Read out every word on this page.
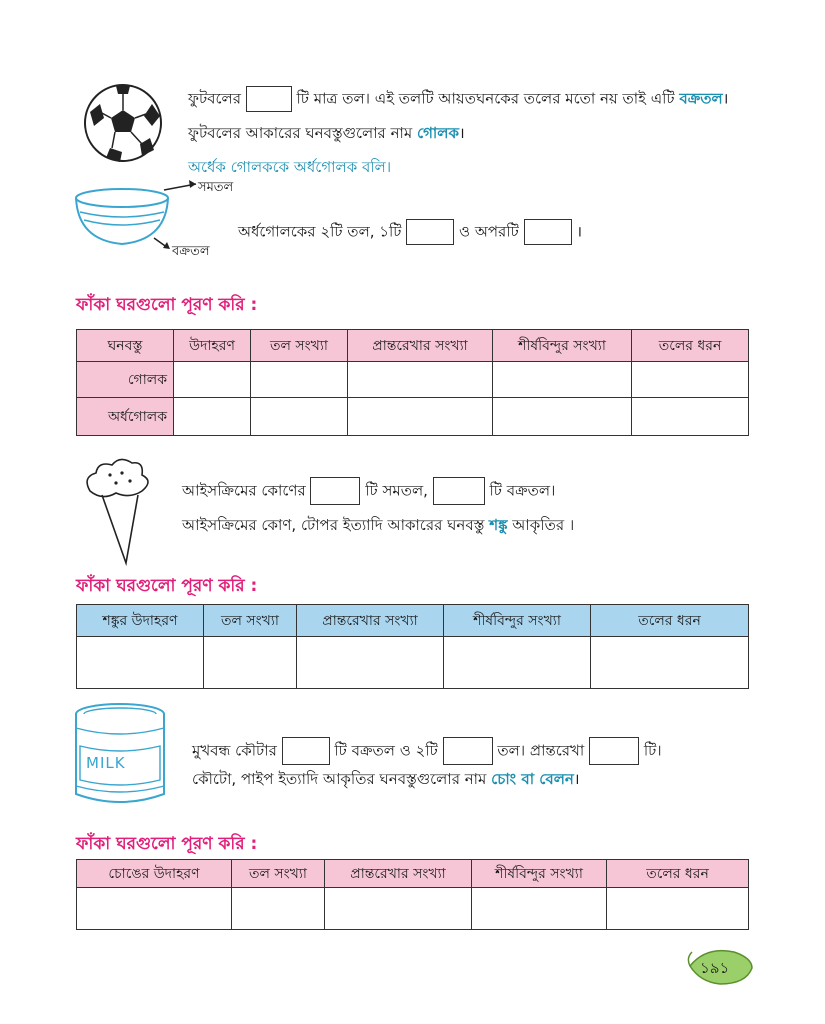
ফুটবলের	টি মাত্র তল। এই তলটি আয়তঘনকের তলের মতো নয় তাই এটি বক্রতল।
ফুটবলের আকারের ঘনবস্তুগুলোর নাম গোলক।
অর্ধেক গোলককে অর্ধগোলক বলি।
সমতল
বক্রতল
অর্ধগোলকের ২টি তল, ১টি	ও অপরটি	।
ফাঁকা ঘরগুলো পূরণ করি :
ঘনবস্তু	উদাহরণ	তল সংখ্যা	প্রান্তরেখার সংখ্যা	শীর্ষবিন্দুর সংখ্যা	তলের ধরন
গোলক					
অর্ধগোলক					
আইসক্রিমের কোণের	টি সমতল,	টি বক্রতল।
আইসক্রিমের কোণ, টোপর ইত্যাদি আকারের ঘনবস্তু শঙ্কু আকৃতির ।
ফাঁকা ঘরগুলো পূরণ করি :
শঙ্কুর উদাহরণ	তল সংখ্যা	প্রান্তরেখার সংখ্যা	শীর্ষবিন্দুর সংখ্যা	তলের ধরন

MILK
মুখবন্ধ কৌটার	টি বক্রতল ও ২টি	তল। প্রান্তরেখা	টি।
কৌটো, পাইপ ইত্যাদি আকৃতির ঘনবস্তুগুলোর নাম চোং বা বেলন।
ফাঁকা ঘরগুলো পূরণ করি :
চোঙের উদাহরণ	তল সংখ্যা	প্রান্তরেখার সংখ্যা	শীর্ষবিন্দুর সংখ্যা	তলের ধরন

১৯১
